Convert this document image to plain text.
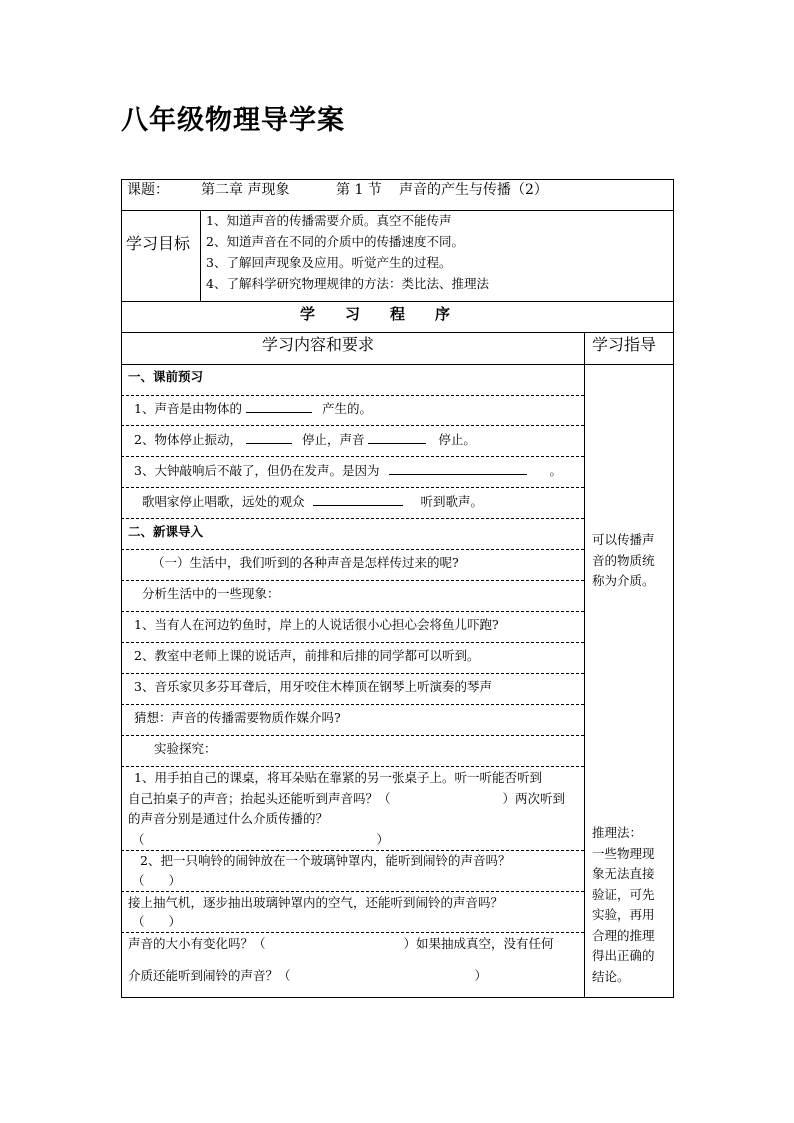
八年级物理导学案
课题： 第二章 声现象	第 1 节 声音的产生与传播（2）
学习目标
1、知道声音的传播需要介质。真空不能传声
2、知道声音在不同的介质中的传播速度不同。
3、了解回声现象及应用。听觉产生的过程。
4、了解科学研究物理规律的方法：类比法、推理法
学　　习　　程　　序
学习内容和要求	学习指导
一、课前预习
1、声音是由物体的	产生的。
2、物体停止振动，	停止，声音	停止。
3、大钟敲响后不敲了，但仍在发声。是因为	。
歌唱家停止唱歌，远处的观众	听到歌声。
二、新课导入
（一）生活中，我们听到的各种声音是怎样传过来的呢?
分析生活中的一些现象：
1、当有人在河边钓鱼时，岸上的人说话很小心担心会将鱼儿吓跑?
2、教室中老师上课的说话声，前排和后排的同学都可以听到。
3、音乐家贝多芬耳聋后，用牙咬住木棒顶在钢琴上听演奏的琴声
猜想：声音的传播需要物质作媒介吗?
实验探究：
1、用手拍自己的课桌，将耳朵贴在靠紧的另一张桌子上。听一听能否听到
自己拍桌子的声音；抬起头还能听到声音吗？（	）两次听到
的声音分别是通过什么介质传播的？
（	）
2、把一只响铃的闹钟放在一个玻璃钟罩内，能听到闹铃的声音吗？
（ ）
接上抽气机，逐步抽出玻璃钟罩内的空气，还能听到闹铃的声音吗？
（ ）
声音的大小有变化吗？（	）如果抽成真空，没有任何
介质还能听到闹铃的声音？（	）
可以传播声
音的物质统
称为介质。
推理法：
一些物理现
象无法直接
验证，可先
实验，再用
合理的推理
得出正确的
结论。
